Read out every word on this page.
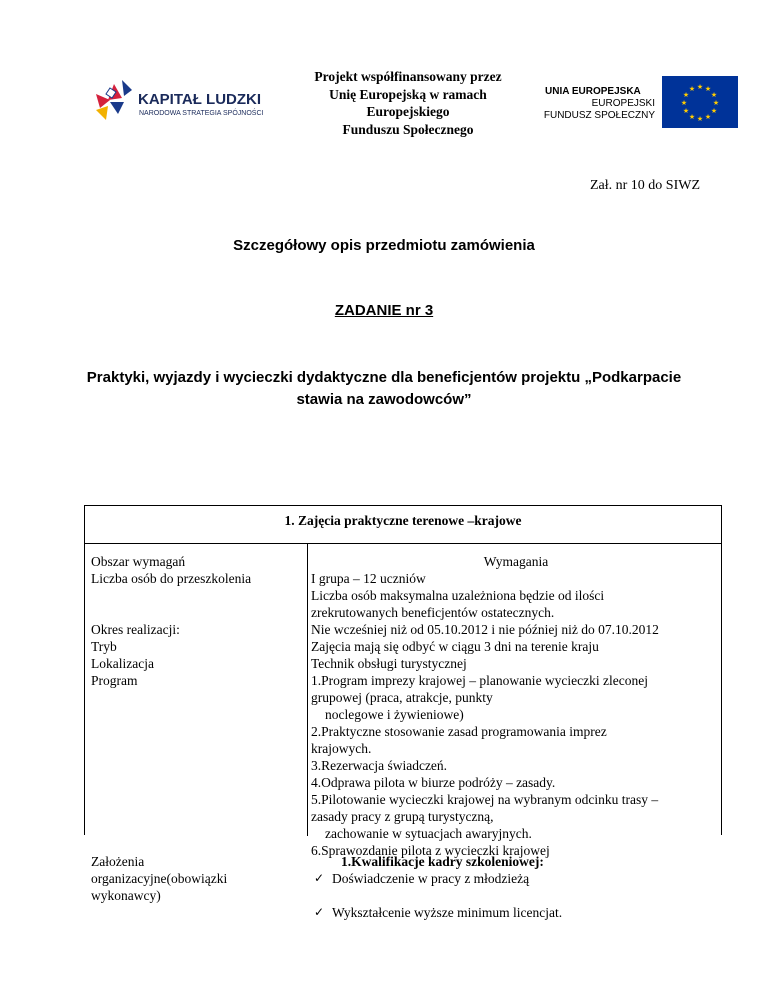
KAPITAŁ LUDZKI
NARODOWA STRATEGIA SPÓJNOŚCI
Projekt współfinansowany przez
Unię Europejską w ramach
Europejskiego
Funduszu Społecznego
UNIA EUROPEJSKA
EUROPEJSKI
FUNDUSZ SPOŁECZNY
★ ★
★
★
★
★
★
★
★
★
★
★
Zał. nr 10 do SIWZ
Szczegółowy opis przedmiotu zamówienia
ZADANIE nr 3
Praktyki, wyjazdy i wycieczki dydaktyczne dla beneficjentów projektu „Podkarpacie
stawia na zawodowców”
1. Zajęcia praktyczne terenowe –krajowe
Obszar wymagań
Liczba osób do przeszkolenia
Okres realizacji:
Tryb
Lokalizacja
Program
Założenia
organizacyjne(obowiązki
wykonawcy)
Wymagania
I grupa – 12 uczniów
Liczba osób maksymalna uzależniona będzie od ilości
zrekrutowanych beneficjentów ostatecznych.
Nie wcześniej niż od 05.10.2012 i nie później niż do 07.10.2012
Zajęcia mają się odbyć w ciągu 3 dni na terenie kraju
Technik obsługi turystycznej
1.Program imprezy krajowej – planowanie wycieczki zleconej
grupowej (praca, atrakcje, punkty
noclegowe i żywieniowe)
2.Praktyczne stosowanie zasad programowania imprez
krajowych.
3.Rezerwacja świadczeń.
4.Odprawa pilota w biurze podróży – zasady.
5.Pilotowanie wycieczki krajowej na wybranym odcinku trasy –
zasady pracy z grupą turystyczną,
zachowanie w sytuacjach awaryjnych.
6.Sprawozdanie pilota z wycieczki krajowej
1.Kwalifikacje kadry szkoleniowej:
✓ Doświadczenie w pracy z młodzieżą
✓ Wykształcenie wyższe minimum licencjat.
